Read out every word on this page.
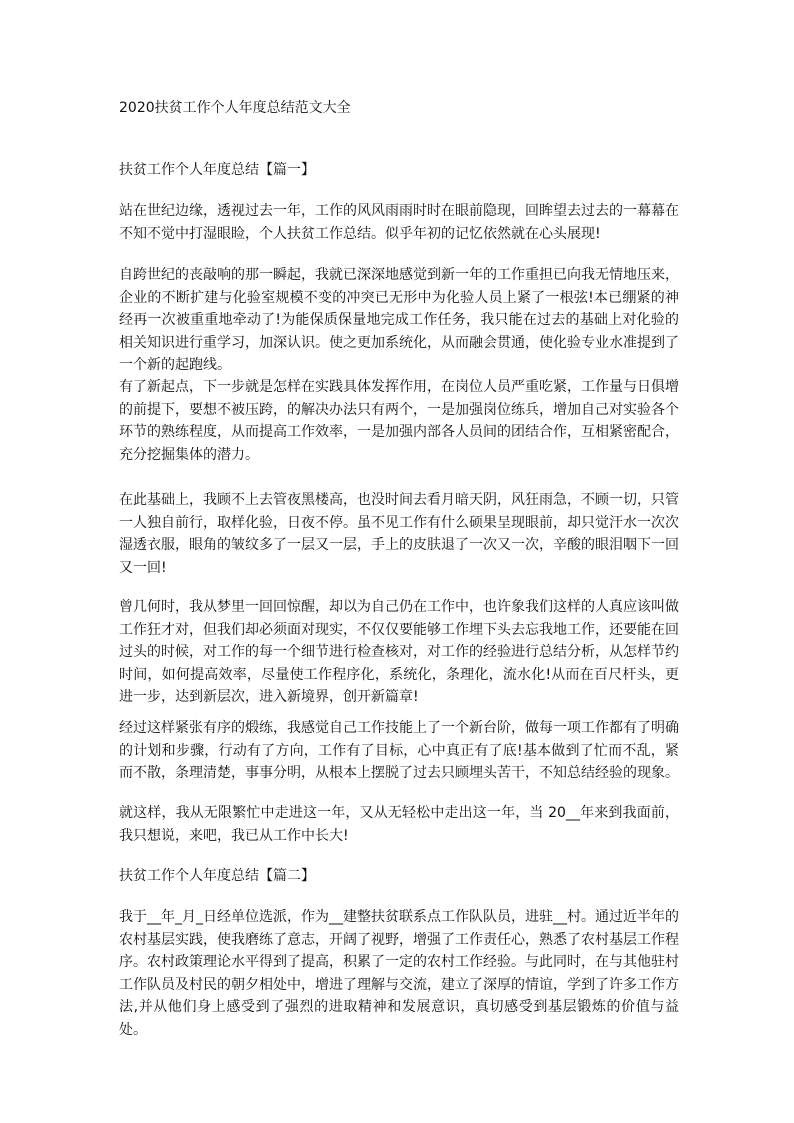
2020扶贫工作个人年度总结范文大全
扶贫工作个人年度总结【篇一】

站在世纪边缘，透视过去一年，工作的风风雨雨时时在眼前隐现，回眸望去过去的一幕幕在不知不觉中打湿眼睑，个人扶贫工作总结。似乎年初的记忆依然就在心头展现!

自跨世纪的丧敲响的那一瞬起，我就已深深地感觉到新一年的工作重担已向我无情地压来，企业的不断扩建与化验室规模不变的冲突已无形中为化验人员上紧了一根弦!本已绷紧的神经再一次被重重地牵动了!为能保质保量地完成工作任务，我只能在过去的基础上对化验的相关知识进行重学习，加深认识。使之更加系统化，从而融会贯通，使化验专业水准提到了一个新的起跑线。

有了新起点，下一步就是怎样在实践具体发挥作用，在岗位人员严重吃紧，工作量与日俱增的前提下，要想不被压跨，的解决办法只有两个，一是加强岗位练兵，增加自己对实验各个环节的熟练程度，从而提高工作效率，一是加强内部各人员间的团结合作，互相紧密配合，充分挖掘集体的潜力。

在此基础上，我顾不上去管夜黑楼高，也没时间去看月暗天阴，风狂雨急，不顾一切，只管一人独自前行，取样化验，日夜不停。虽不见工作有什么硕果呈现眼前，却只觉汗水一次次湿透衣服，眼角的皱纹多了一层又一层，手上的皮肤退了一次又一次，辛酸的眼泪咽下一回又一回!

曾几何时，我从梦里一回回惊醒，却以为自己仍在工作中，也许象我们这样的人真应该叫做工作狂才对，但我们却必须面对现实，不仅仅要能够工作埋下头去忘我地工作，还要能在回过头的时候，对工作的每一个细节进行检查核对，对工作的经验进行总结分析，从怎样节约时间，如何提高效率，尽量使工作程序化，系统化，条理化，流水化!从而在百尺杆头，更进一步，达到新层次，进入新境界，创开新篇章!

经过这样紧张有序的煅练，我感觉自己工作技能上了一个新台阶，做每一项工作都有了明确的计划和步骤，行动有了方向，工作有了目标，心中真正有了底!基本做到了忙而不乱，紧而不散，条理清楚，事事分明，从根本上摆脱了过去只顾埋头苦干，不知总结经验的现象。

就这样，我从无限繁忙中走进这一年，又从无轻松中走出这一年，当 20__年来到我面前，我只想说，来吧，我已从工作中长大!

扶贫工作个人年度总结【篇二】

我于__年_月_日经单位选派，作为__建整扶贫联系点工作队队员，进驻__村。通过近半年的农村基层实践，使我磨练了意志，开阔了视野，增强了工作责任心，熟悉了农村基层工作程序。农村政策理论水平得到了提高，积累了一定的农村工作经验。与此同时，在与其他驻村工作队员及村民的朝夕相处中，增进了理解与交流，建立了深厚的情谊，学到了许多工作方法,并从他们身上感受到了强烈的进取精神和发展意识，真切感受到基层锻炼的价值与益处。
